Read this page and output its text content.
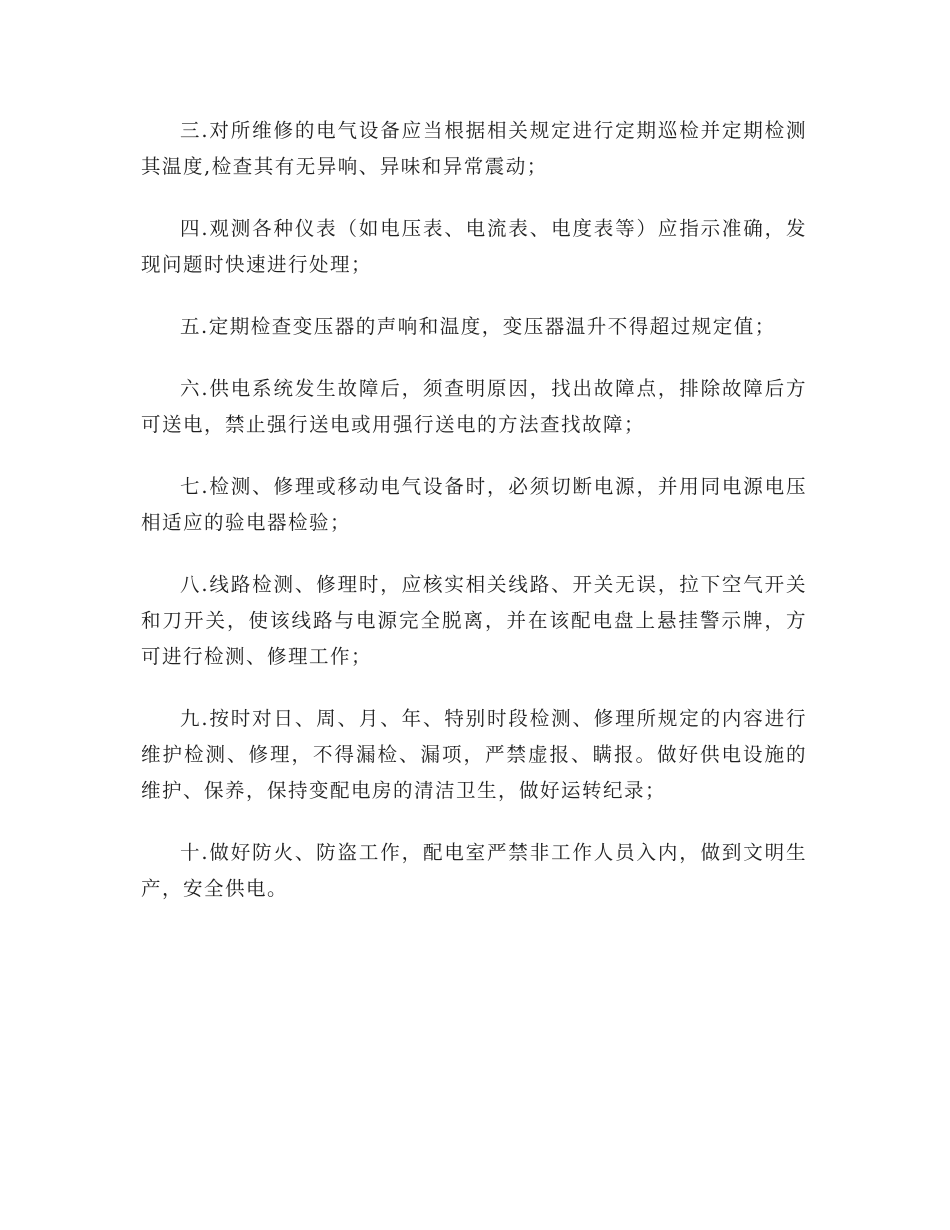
三.对所维修的电气设备应当根据相关规定进行定期巡检并定期检测其温度,检查其有无异响、异味和异常震动；

四.观测各种仪表（如电压表、电流表、电度表等）应指示准确，发现问题时快速进行处理；

五.定期检查变压器的声响和温度，变压器温升不得超过规定值；

六.供电系统发生故障后，须查明原因，找出故障点，排除故障后方可送电，禁止强行送电或用强行送电的方法查找故障；

七.检测、修理或移动电气设备时，必须切断电源，并用同电源电压相适应的验电器检验；

八.线路检测、修理时，应核实相关线路、开关无误，拉下空气开关和刀开关，使该线路与电源完全脱离，并在该配电盘上悬挂警示牌，方可进行检测、修理工作；

九.按时对日、周、月、年、特别时段检测、修理所规定的内容进行维护检测、修理，不得漏检、漏项，严禁虚报、瞒报。做好供电设施的维护、保养，保持变配电房的清洁卫生，做好运转纪录；

十.做好防火、防盗工作，配电室严禁非工作人员入内，做到文明生产，安全供电。
